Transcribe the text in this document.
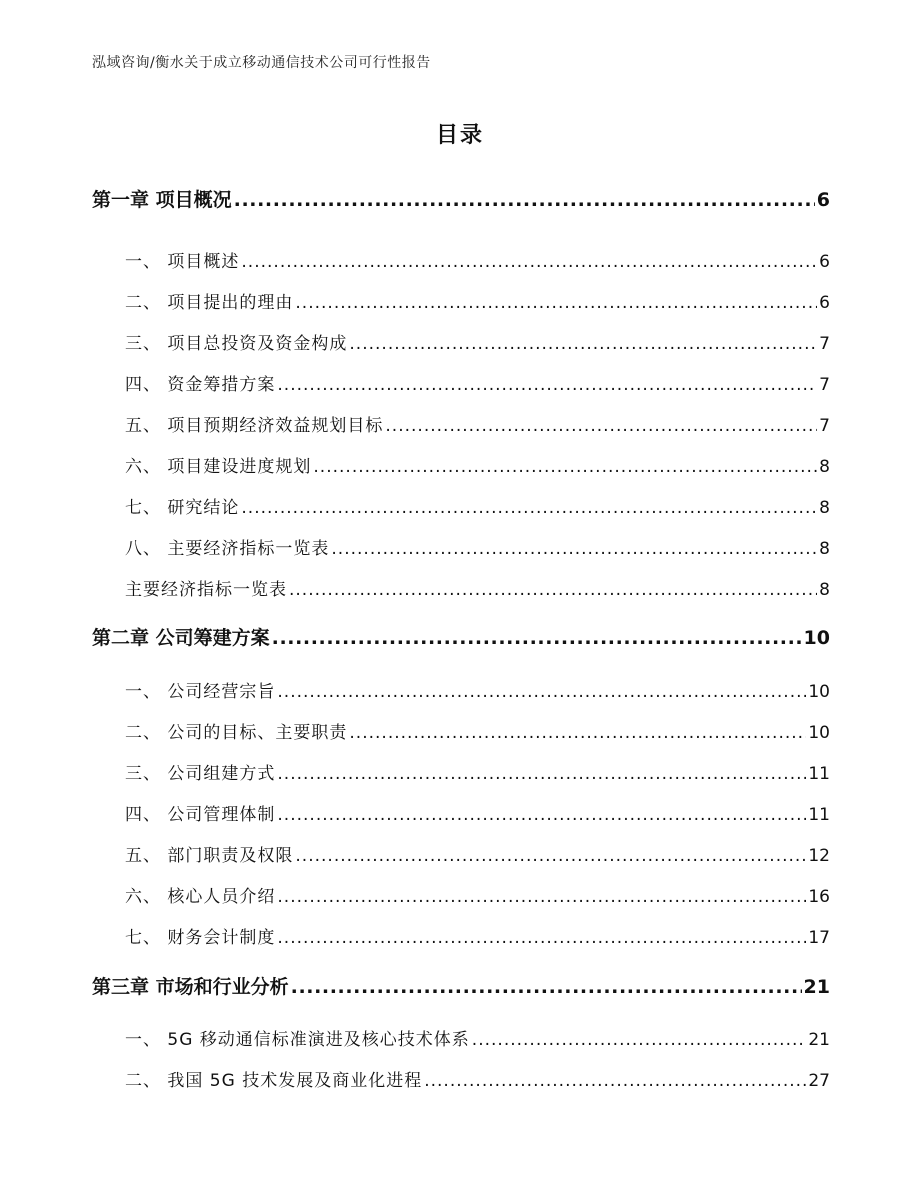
泓域咨询/衡水关于成立移动通信技术公司可行性报告
目录
第一章 项目概况 .....	6
一、 项目概述 .....	6
二、 项目提出的理由 .....	6
三、 项目总投资及资金构成 .....	7
四、 资金筹措方案 .....	7
五、 项目预期经济效益规划目标 .....	7
六、 项目建设进度规划 .....	8
七、 研究结论 .....	8
八、 主要经济指标一览表 .....	8
主要经济指标一览表 .....	8
第二章 公司筹建方案 .....	10
一、 公司经营宗旨 .....	10
二、 公司的目标、主要职责 .....	10
三、 公司组建方式 .....	11
四、 公司管理体制 .....	11
五、 部门职责及权限 .....	12
六、 核心人员介绍 .....	16
七、 财务会计制度 .....	17
第三章 市场和行业分析 .....	21
一、 5G 移动通信标准演进及核心技术体系 .....	21
二、 我国 5G 技术发展及商业化进程 .....	27
